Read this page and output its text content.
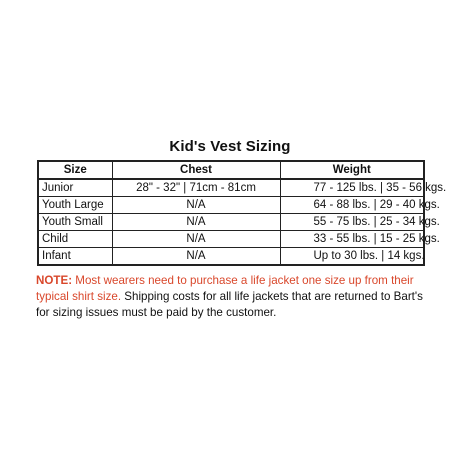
Kid's Vest Sizing
Size	Chest	Weight
Junior	28" - 32" | 71cm - 81cm	77 - 125 lbs. | 35 - 56 kgs.
Youth Large	N/A	64 - 88 lbs. | 29 - 40 kgs.
Youth Small	N/A	55 - 75 lbs. | 25 - 34 kgs.
Child	N/A	33 - 55 lbs. | 15 - 25 kgs.
Infant	N/A	Up to 30 lbs. | 14 kgs.

NOTE: Most wearers need to purchase a life jacket one size up from their typical shirt size. Shipping costs for all life jackets that are returned to Bart's for sizing issues must be paid by the customer.
